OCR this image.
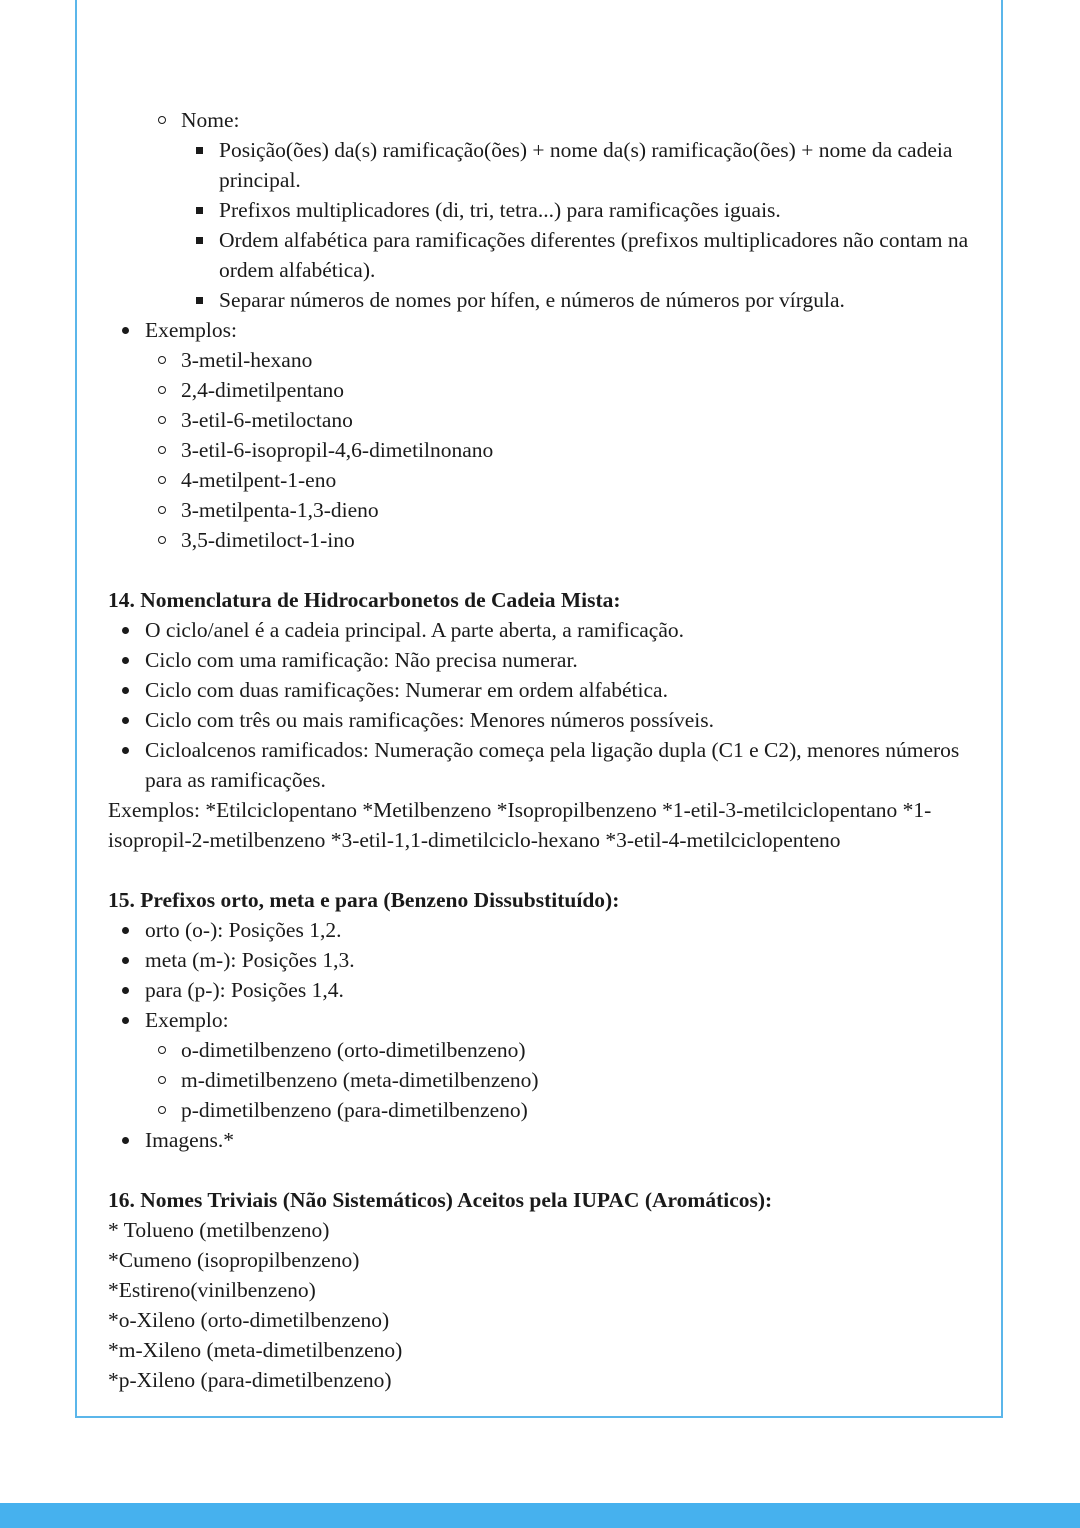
Nome:
Posição(ões) da(s) ramificação(ões) + nome da(s) ramificação(ões) + nome da cadeia principal.
Prefixos multiplicadores (di, tri, tetra...) para ramificações iguais.
Ordem alfabética para ramificações diferentes (prefixos multiplicadores não contam na ordem alfabética).
Separar números de nomes por hífen, e números de números por vírgula.
Exemplos:
3-metil-hexano
2,4-dimetilpentano
3-etil-6-metiloctano
3-etil-6-isopropil-4,6-dimetilnonano
4-metilpent-1-eno
3-metilpenta-1,3-dieno
3,5-dimetiloct-1-ino

14. Nomenclatura de Hidrocarbonetos de Cadeia Mista:

O ciclo/anel é a cadeia principal. A parte aberta, a ramificação.
Ciclo com uma ramificação: Não precisa numerar.
Ciclo com duas ramificações: Numerar em ordem alfabética.
Ciclo com três ou mais ramificações: Menores números possíveis.
Cicloalcenos ramificados: Numeração começa pela ligação dupla (C1 e C2), menores números para as ramificações.

Exemplos: *Etilciclopentano *Metilbenzeno *Isopropilbenzeno *1-etil-3-metilciclopentano *1-isopropil-2-metilbenzeno *3-etil-1,1-dimetilciclo-hexano *3-etil-4-metilciclopenteno

15. Prefixos orto, meta e para (Benzeno Dissubstituído):

orto (o-): Posições 1,2.
meta (m-): Posições 1,3.
para (p-): Posições 1,4.
Exemplo:
o-dimetilbenzeno (orto-dimetilbenzeno)
m-dimetilbenzeno (meta-dimetilbenzeno)
p-dimetilbenzeno (para-dimetilbenzeno)
Imagens.*

16. Nomes Triviais (Não Sistemáticos) Aceitos pela IUPAC (Aromáticos):

* Tolueno (metilbenzeno)

*Cumeno (isopropilbenzeno)

*Estireno(vinilbenzeno)

*o-Xileno (orto-dimetilbenzeno)

*m-Xileno (meta-dimetilbenzeno)

*p-Xileno (para-dimetilbenzeno)
